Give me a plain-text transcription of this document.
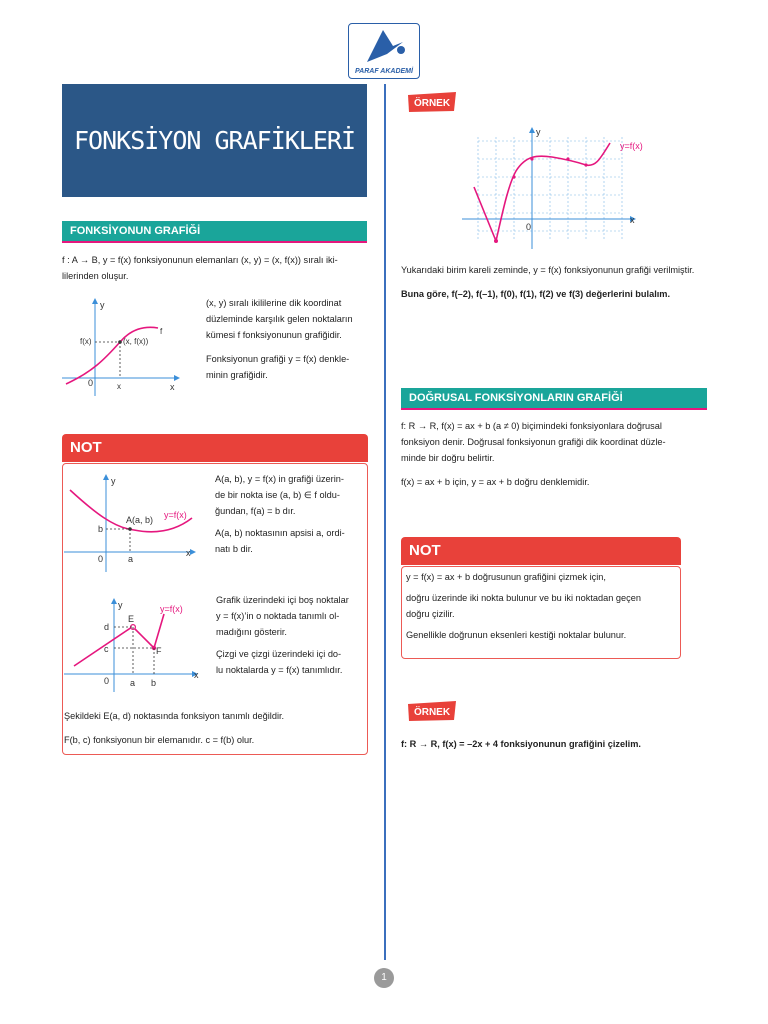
PARAF AKADEMİ
FONKSİYON GRAFİKLERİ
FONKSİYONUN GRAFİĞİ
f : A → B, y = f(x) fonksiyonunun elemanları (x, y) = (x, f(x)) sıralı iki-
lilerinden oluşur.
y
x
0
f(x)
x
(x, f(x))
f
(x, y) sıralı ikililerine dik koordinat
düzleminde karşılık gelen noktaların
kümesi f fonksiyonunun grafiğidir.
Fonksiyonun grafiği y = f(x) denkle-
minin grafiğidir.
NOT
y
x
0
b
a
A(a, b) y=f(x)
A(a, b), y = f(x) in grafiği üzerin-
de bir nokta ise (a, b) ∈ f oldu-
ğundan, f(a) = b dır.
A(a, b) noktasının apsisi a, ordi-
natı b dir.
y
x
0
d
c
a b
E
F
y=f(x)
Grafik üzerindeki içi boş noktalar
y = f(x)’in o noktada tanımlı ol-
madığını gösterir.
Çizgi ve çizgi üzerindeki içi do-
lu noktalarda y = f(x) tanımlıdır.
Şekildeki E(a, d) noktasında fonksiyon tanımlı değildir.
F(b, c) fonksiyonun bir elemanıdır. c = f(b) olur.
ÖRNEK
y
x
0
y=f(x)
Yukarıdaki birim kareli zeminde, y = f(x) fonksiyonunun grafiği verilmiştir.
Buna göre, f(–2), f(–1), f(0), f(1), f(2) ve f(3) değerlerini bulalım.
DOĞRUSAL FONKSİYONLARIN GRAFİĞİ
f: R → R, f(x) = ax + b (a ≠ 0) biçimindeki fonksiyonlara doğrusal
fonksiyon denir. Doğrusal fonksiyonun grafiği dik koordinat düzle-
minde bir doğru belirtir.
f(x) = ax + b için, y = ax + b doğru denklemidir.
NOT
y = f(x) = ax + b doğrusunun grafiğini çizmek için,
doğru üzerinde iki nokta bulunur ve bu iki noktadan geçen
doğru çizilir.
Genellikle doğrunun eksenleri kestiği noktalar bulunur.
ÖRNEK
f: R → R, f(x) = –2x + 4 fonksiyonunun grafiğini çizelim.
1
